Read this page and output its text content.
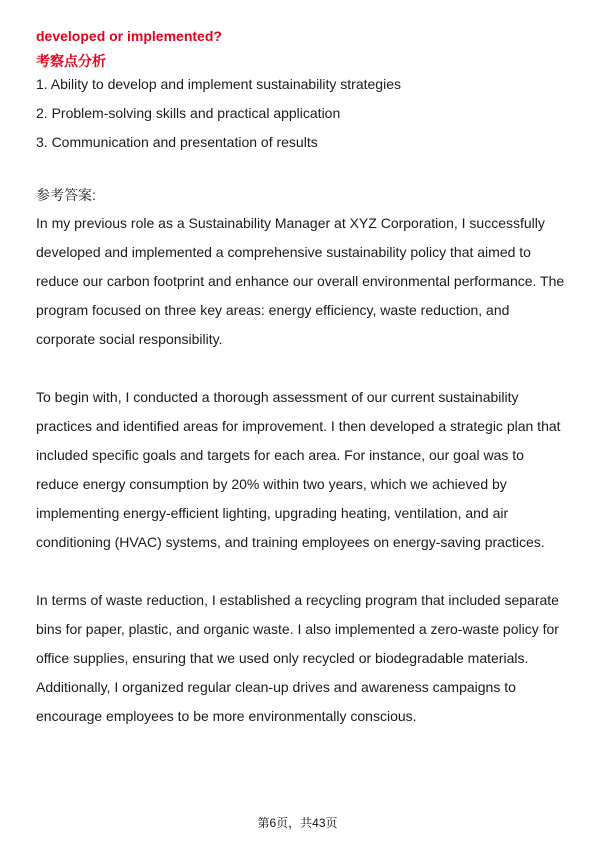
developed or implemented?
考察点分析
1. Ability to develop and implement sustainability strategies
2. Problem-solving skills and practical application
3. Communication and presentation of results
参考答案:
In my previous role as a Sustainability Manager at XYZ Corporation, I successfully developed and implemented a comprehensive sustainability policy that aimed to reduce our carbon footprint and enhance our overall environmental performance. The program focused on three key areas: energy efficiency, waste reduction, and corporate social responsibility.
To begin with, I conducted a thorough assessment of our current sustainability practices and identified areas for improvement. I then developed a strategic plan that included specific goals and targets for each area. For instance, our goal was to reduce energy consumption by 20% within two years, which we achieved by implementing energy-efficient lighting, upgrading heating, ventilation, and air conditioning (HVAC) systems, and training employees on energy-saving practices.
In terms of waste reduction, I established a recycling program that included separate bins for paper, plastic, and organic waste. I also implemented a zero-waste policy for office supplies, ensuring that we used only recycled or biodegradable materials. Additionally, I organized regular clean-up drives and awareness campaigns to encourage employees to be more environmentally conscious.
第6页，共43页
